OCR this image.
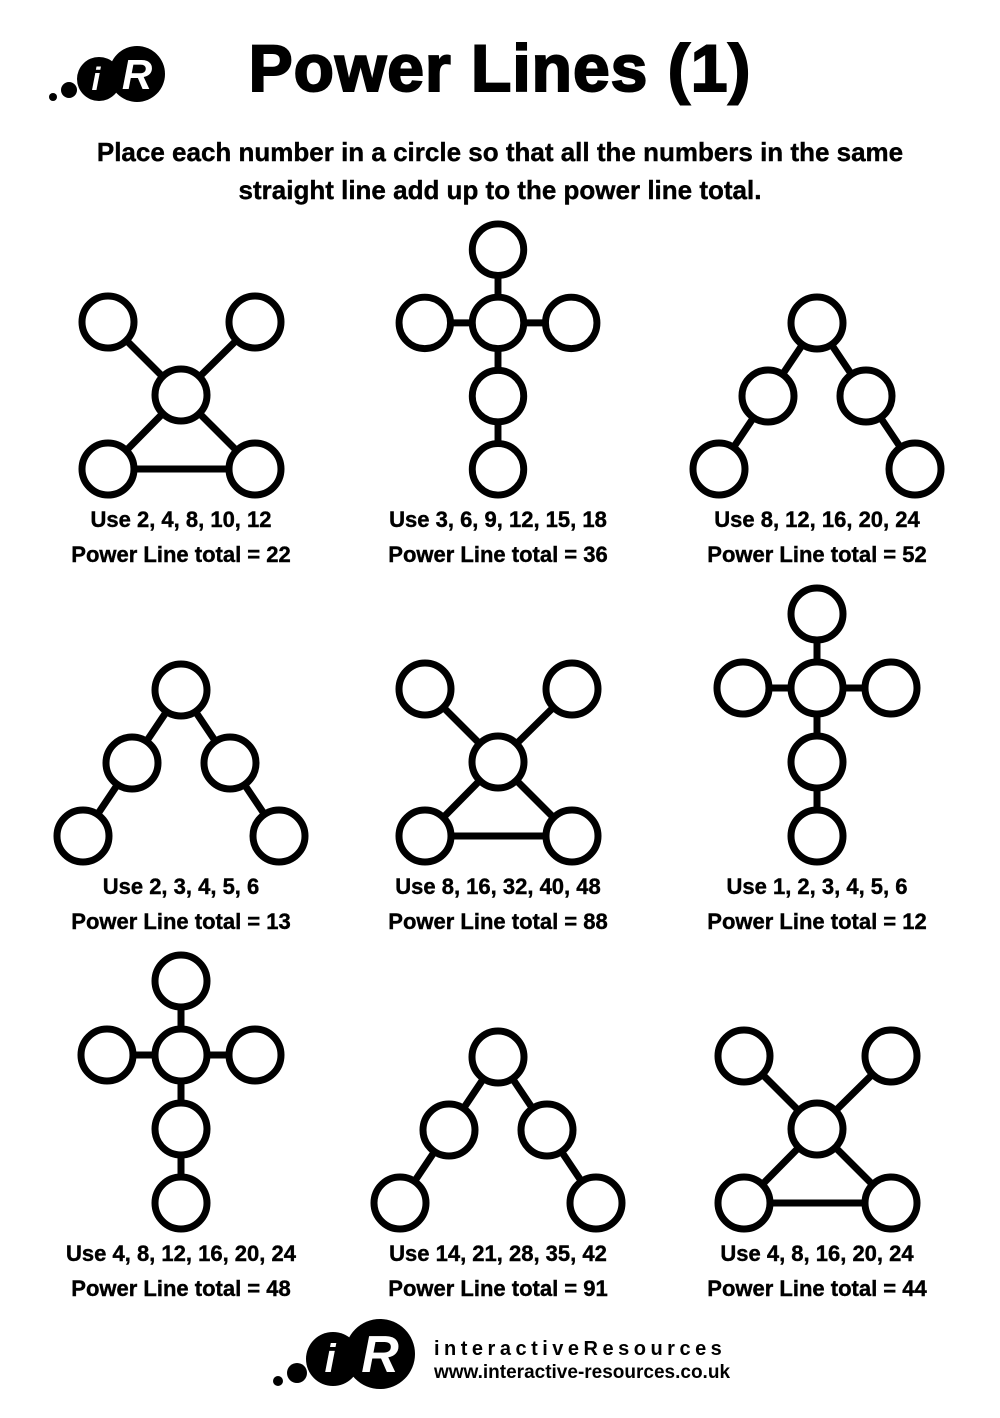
i R	Power Lines (1)
Place each number in a circle so that all the numbers in the same
straight line add up to the power line total.
Use 2, 4, 8, 10, 12
Power Line total = 22
Use 3, 6, 9, 12, 15, 18
Power Line total = 36
Use 8, 12, 16, 20, 24
Power Line total = 52
Use 2, 3, 4, 5, 6
Power Line total = 13
Use 8, 16, 32, 40, 48
Power Line total = 88
Use 1, 2, 3, 4, 5, 6
Power Line total = 12
Use 4, 8, 12, 16, 20, 24
Power Line total = 48
Use 14, 21, 28, 35, 42
Power Line total = 91
Use 4, 8, 16, 20, 24
Power Line total = 44
i R interactiveResources
www.interactive-resources.co.uk
